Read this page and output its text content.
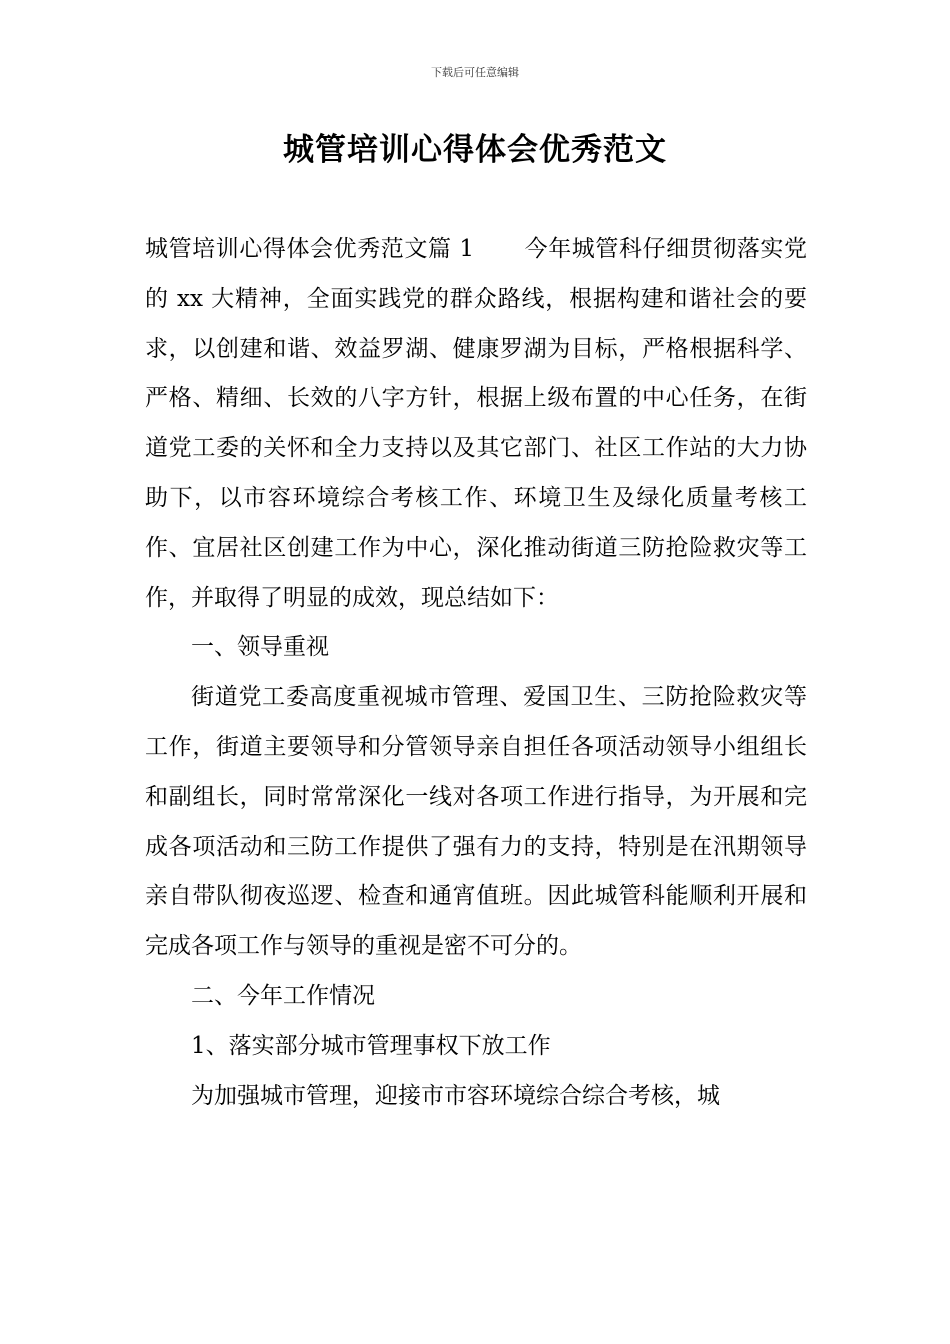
下载后可任意编辑
城管培训心得体会优秀范文

城管培训心得体会优秀范文篇 1 今年城管科仔细贯彻落实党的 xx 大精神，全面实践党的群众路线，根据构建和谐社会的要求，以创建和谐、效益罗湖、健康罗湖为目标，严格根据科学、严格、精细、长效的八字方针，根据上级布置的中心任务，在街道党工委的关怀和全力支持以及其它部门、社区工作站的大力协助下，以市容环境综合考核工作、环境卫生及绿化质量考核工作、宜居社区创建工作为中心，深化推动街道三防抢险救灾等工作，并取得了明显的成效，现总结如下：

一、领导重视

街道党工委高度重视城市管理、爱国卫生、三防抢险救灾等工作，街道主要领导和分管领导亲自担任各项活动领导小组组长和副组长，同时常常深化一线对各项工作进行指导，为开展和完成各项活动和三防工作提供了强有力的支持，特别是在汛期领导亲自带队彻夜巡逻、检查和通宵值班。因此城管科能顺利开展和完成各项工作与领导的重视是密不可分的。

二、今年工作情况

1、落实部分城市管理事权下放工作

为加强城市管理，迎接市市容环境综合综合考核，城
